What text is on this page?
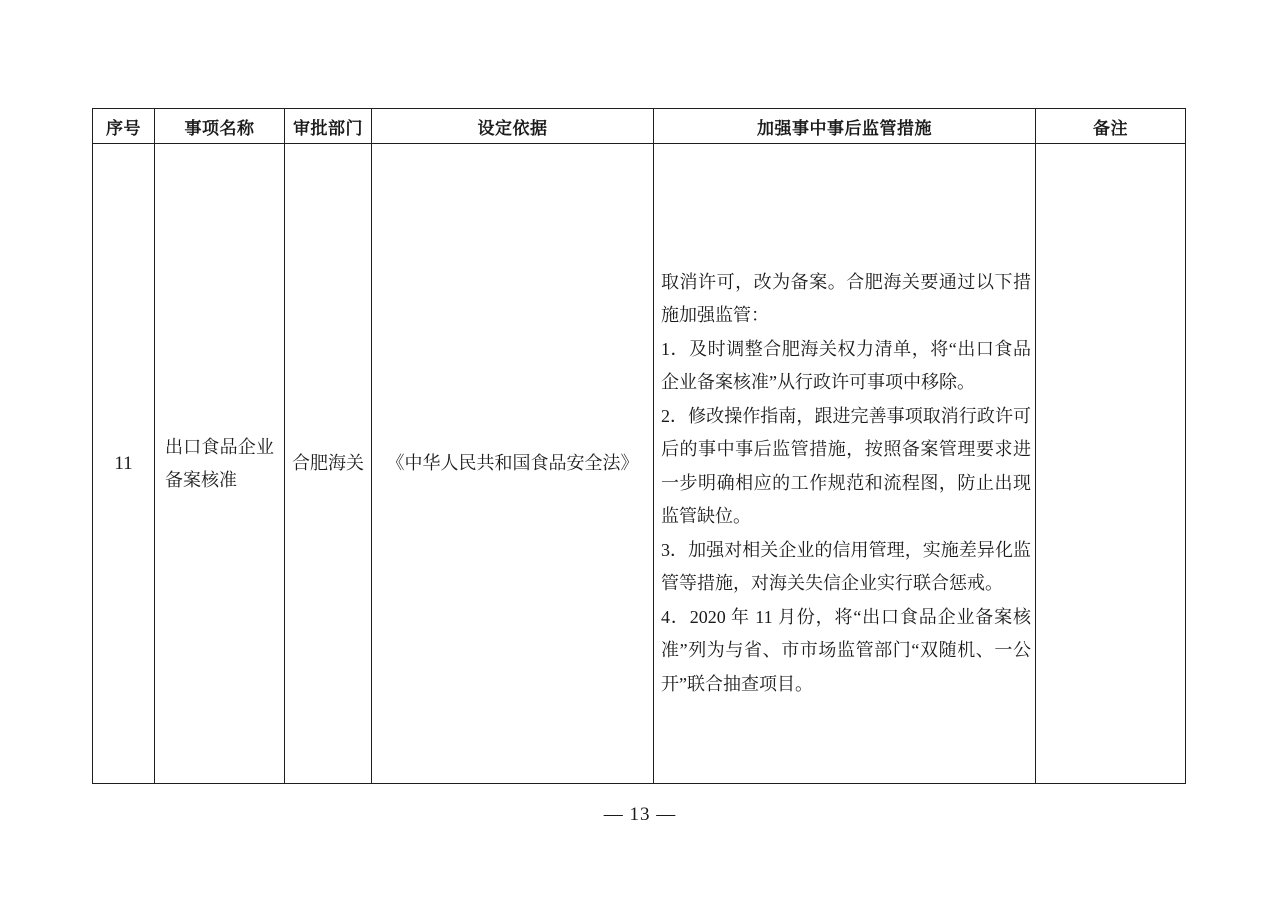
序号	事项名称	审批部门	设定依据	加强事中事后监管措施	备注
11	出口食品企业备案核准	合肥海关	《中华人民共和国食品安全法》	取消许可，改为备案。合肥海关要通过以下措施加强监管：
1．及时调整合肥海关权力清单，将“出口食品企业备案核准”从行政许可事项中移除。
2．修改操作指南，跟进完善事项取消行政许可后的事中事后监管措施，按照备案管理要求进一步明确相应的工作规范和流程图，防止出现监管缺位。
3．加强对相关企业的信用管理，实施差异化监管等措施，对海关失信企业实行联合惩戒。
4．2020 年 11 月份，将“出口食品企业备案核准”列为与省、市市场监管部门“双随机、一公开”联合抽查项目。	

— 13 —
